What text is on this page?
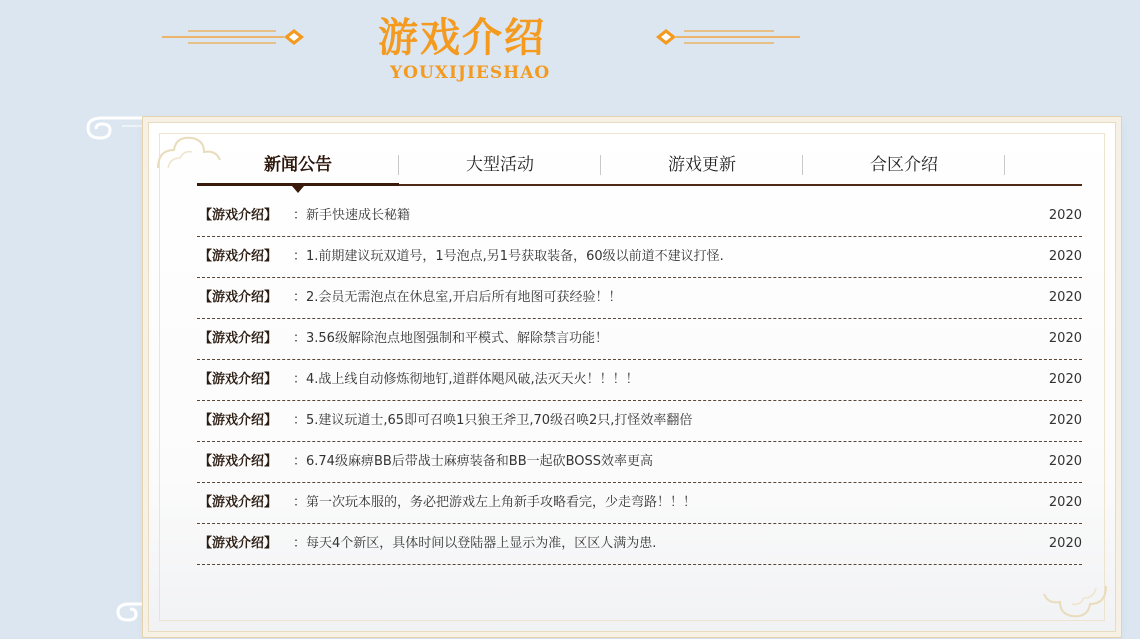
游戏介绍
YOUXIJIESHAO
新闻公告	大型活动	游戏更新	合区介绍
【游戏介绍】 ：新手快速成长秘籍	2020
【游戏介绍】 ：1.前期建议玩双道号，1号泡点,另1号获取装备，60级以前道不建议打怪.	2020
【游戏介绍】 ：2.会员无需泡点在休息室,开启后所有地图可获经验！！	2020
【游戏介绍】 ：3.56级解除泡点地图强制和平模式、解除禁言功能！	2020
【游戏介绍】 ：4.战上线自动修炼彻地钉,道群体飓风破,法灭天火！！！！	2020
【游戏介绍】 ：5.建议玩道士,65即可召唤1只狼王斧卫,70级召唤2只,打怪效率翻倍	2020
【游戏介绍】 ：6.74级麻痹BB后带战士麻痹装备和BB一起砍BOSS效率更高	2020
【游戏介绍】 ：第一次玩本服的，务必把游戏左上角新手攻略看完，少走弯路！！！	2020
【游戏介绍】 ：每天4个新区，具体时间以登陆器上显示为准，区区人满为患.	2020
